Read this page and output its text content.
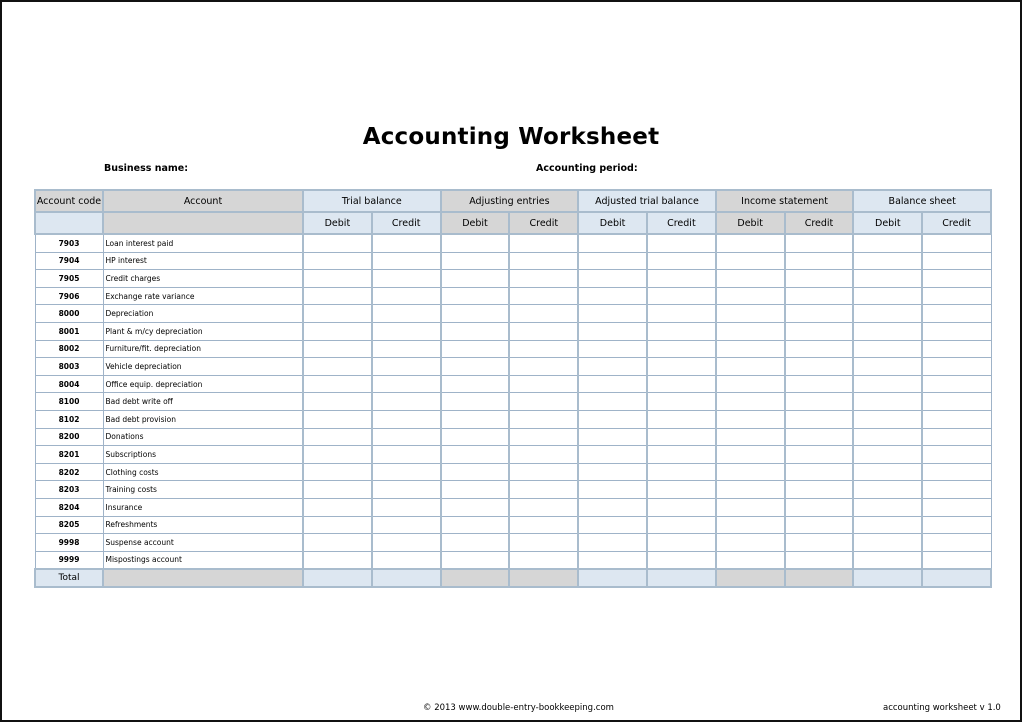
Accounting Worksheet
Business name:	Accounting period:
Account code	Account	Trial balance		Adjusting entries		Adjusted trial balance		Income statement		Balance sheet	
		Debit	Credit	Debit	Credit	Debit	Credit	Debit	Credit	Debit	Credit
7903	Loan interest paid										
7904	HP interest										
7905	Credit charges										
7906	Exchange rate variance										
8000	Depreciation										
8001	Plant & m/cy depreciation										
8002	Furniture/fit. depreciation										
8003	Vehicle depreciation										
8004	Office equip. depreciation										
8100	Bad debt write off										
8102	Bad debt provision										
8200	Donations										
8201	Subscriptions										
8202	Clothing costs										
8203	Training costs										
8204	Insurance										
8205	Refreshments										
9998	Suspense account										
9999	Mispostings account										
Total											
© 2013 www.double-entry-bookkeeping.com	accounting worksheet v 1.0
